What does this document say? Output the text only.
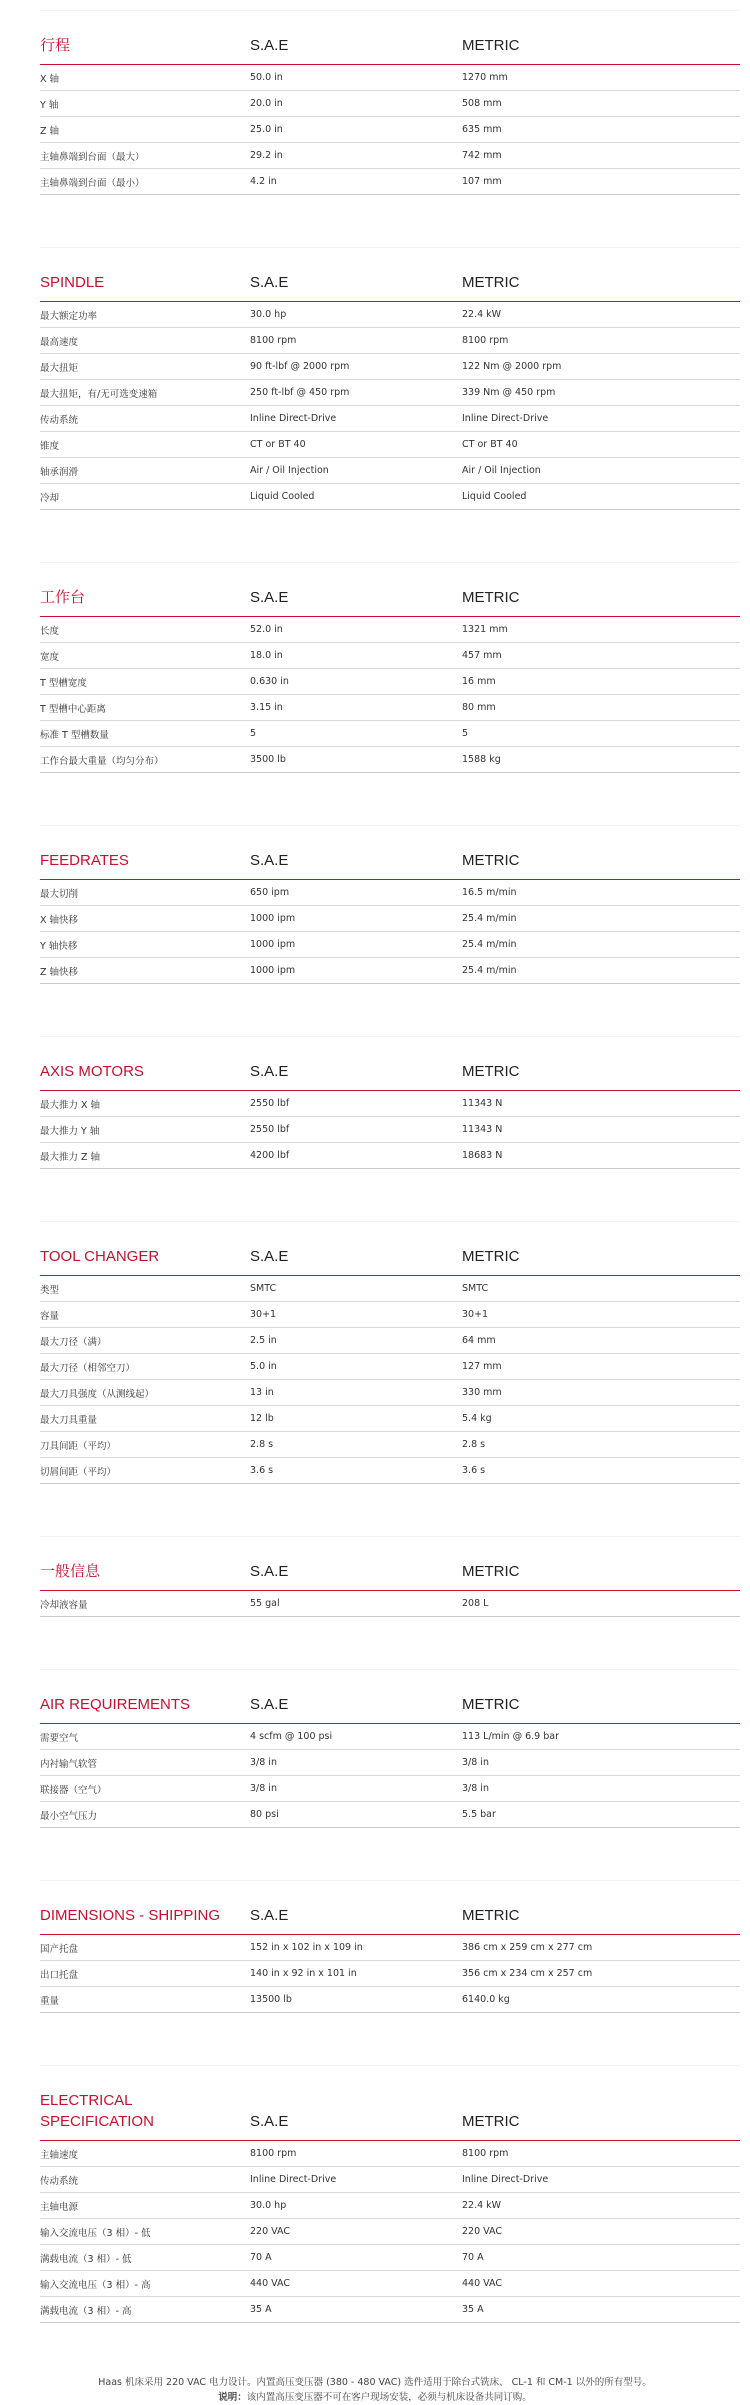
行程	S.A.E	METRIC
X 轴	50.0 in	1270 mm
Y 轴	20.0 in	508 mm
Z 轴	25.0 in	635 mm
主轴鼻端到台面（最大）	29.2 in	742 mm
主轴鼻端到台面（最小）	4.2 in	107 mm
SPINDLE	S.A.E	METRIC
最大额定功率	30.0 hp	22.4 kW
最高速度	8100 rpm	8100 rpm
最大扭矩	90 ft-lbf @ 2000 rpm	122 Nm @ 2000 rpm
最大扭矩，有/无可选变速箱	250 ft-lbf @ 450 rpm	339 Nm @ 450 rpm
传动系统	Inline Direct-Drive	Inline Direct-Drive
锥度	CT or BT 40	CT or BT 40
轴承润滑	Air / Oil Injection	Air / Oil Injection
冷却	Liquid Cooled	Liquid Cooled
工作台	S.A.E	METRIC
长度	52.0 in	1321 mm
宽度	18.0 in	457 mm
T 型槽宽度	0.630 in	16 mm
T 型槽中心距离	3.15 in	80 mm
标准 T 型槽数量	5	5
工作台最大重量（均匀分布）	3500 lb	1588 kg
FEEDRATES	S.A.E	METRIC
最大切削	650 ipm	16.5 m/min
X 轴快移	1000 ipm	25.4 m/min
Y 轴快移	1000 ipm	25.4 m/min
Z 轴快移	1000 ipm	25.4 m/min
AXIS MOTORS	S.A.E	METRIC
最大推力 X 轴	2550 lbf	11343 N
最大推力 Y 轴	2550 lbf	11343 N
最大推力 Z 轴	4200 lbf	18683 N
TOOL CHANGER	S.A.E	METRIC
类型	SMTC	SMTC
容量	30+1	30+1
最大刀径（满）	2.5 in	64 mm
最大刀径（相邻空刀）	5.0 in	127 mm
最大刀具强度（从测线起）	13 in	330 mm
最大刀具重量	12 lb	5.4 kg
刀具间距（平均）	2.8 s	2.8 s
切屑间距（平均）	3.6 s	3.6 s
一般信息	S.A.E	METRIC
冷却液容量	55 gal	208 L
AIR REQUIREMENTS	S.A.E	METRIC
需要空气	4 scfm @ 100 psi	113 L/min @ 6.9 bar
内衬输气软管	3/8 in	3/8 in
联接器（空气）	3/8 in	3/8 in
最小空气压力	80 psi	5.5 bar
DIMENSIONS - SHIPPING	S.A.E	METRIC
国产托盘	152 in x 102 in x 109 in	386 cm x 259 cm x 277 cm
出口托盘	140 in x 92 in x 101 in	356 cm x 234 cm x 257 cm
重量	13500 lb	6140.0 kg
ELECTRICAL SPECIFICATION	S.A.E	METRIC
主轴速度	8100 rpm	8100 rpm
传动系统	Inline Direct-Drive	Inline Direct-Drive
主轴电源	30.0 hp	22.4 kW
输入交流电压（3 相）- 低	220 VAC	220 VAC
满载电流（3 相）- 低	70 A	70 A
输入交流电压（3 相）- 高	440 VAC	440 VAC
满载电流（3 相）- 高	35 A	35 A
Haas 机床采用 220 VAC 电力设计。内置高压变压器 (380 - 480 VAC) 选件适用于除台式铣床、 CL-1 和 CM-1 以外的所有型号。
说明：该内置高压变压器不可在客户现场安装，必须与机床设备共同订购。
